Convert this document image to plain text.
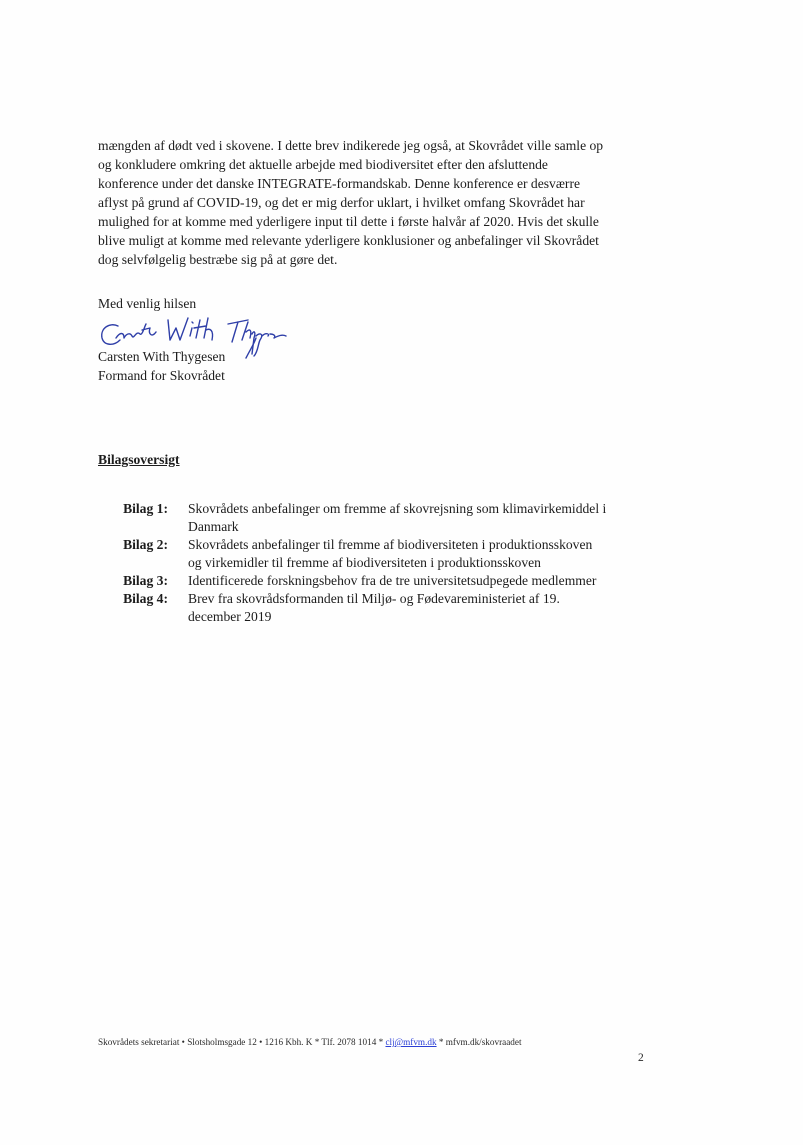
mængden af dødt ved i skovene. I dette brev indikerede jeg også, at Skovrådet ville samle op

og konkludere omkring det aktuelle arbejde med biodiversitet efter den afsluttende

konference under det danske INTEGRATE-formandskab. Denne konference er desværre

aflyst på grund af COVID-19, og det er mig derfor uklart, i hvilket omfang Skovrådet har

mulighed for at komme med yderligere input til dette i første halvår af 2020. Hvis det skulle

blive muligt at komme med relevante yderligere konklusioner og anbefalinger vil Skovrådet

dog selvfølgelig bestræbe sig på at gøre det.

Med venlig hilsen
Carsten With Thygesen
Formand for Skovrådet
Bilagsoversigt
Bilag 1: Skovrådets anbefalinger om fremme af skovrejsning som klimavirkemiddel i
Danmark
Bilag 2: Skovrådets anbefalinger til fremme af biodiversiteten i produktionsskoven
og virkemidler til fremme af biodiversiteten i produktionsskoven
Bilag 3: Identificerede forskningsbehov fra de tre universitetsudpegede medlemmer
Bilag 4: Brev fra skovrådsformanden til Miljø- og Fødevareministeriet af 19.
december 2019
Skovrådets sekretariat • Slotsholmsgade 12 • 1216 Kbh. K * Tlf. 2078 1014 * clj@mfvm.dk * mfvm.dk/skovraadet
2
